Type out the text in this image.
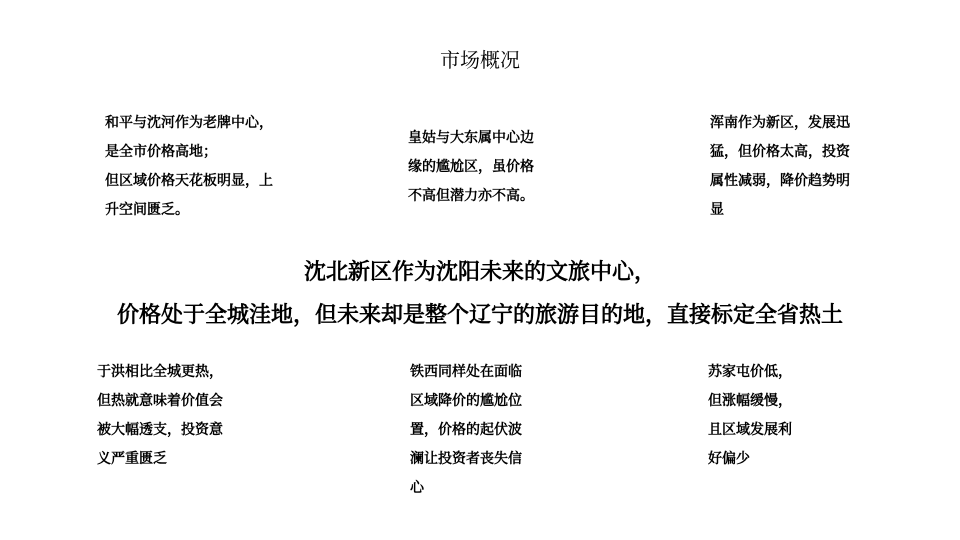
市场概况
和平与沈河作为老牌中心，
是全市价格高地；
但区域价格天花板明显，上
升空间匮乏。
皇姑与大东属中心边
缘的尴尬区，虽价格
不高但潜力亦不高。
浑南作为新区，发展迅
猛，但价格太高，投资
属性减弱，降价趋势明
显
沈北新区作为沈阳未来的文旅中心，
价格处于全城洼地，但未来却是整个辽宁的旅游目的地，直接标定全省热土
于洪相比全城更热，
但热就意味着价值会
被大幅透支，投资意
义严重匮乏
铁西同样处在面临
区域降价的尴尬位
置，价格的起伏波
澜让投资者丧失信
心
苏家屯价低，
但涨幅缓慢，
且区域发展利
好偏少
